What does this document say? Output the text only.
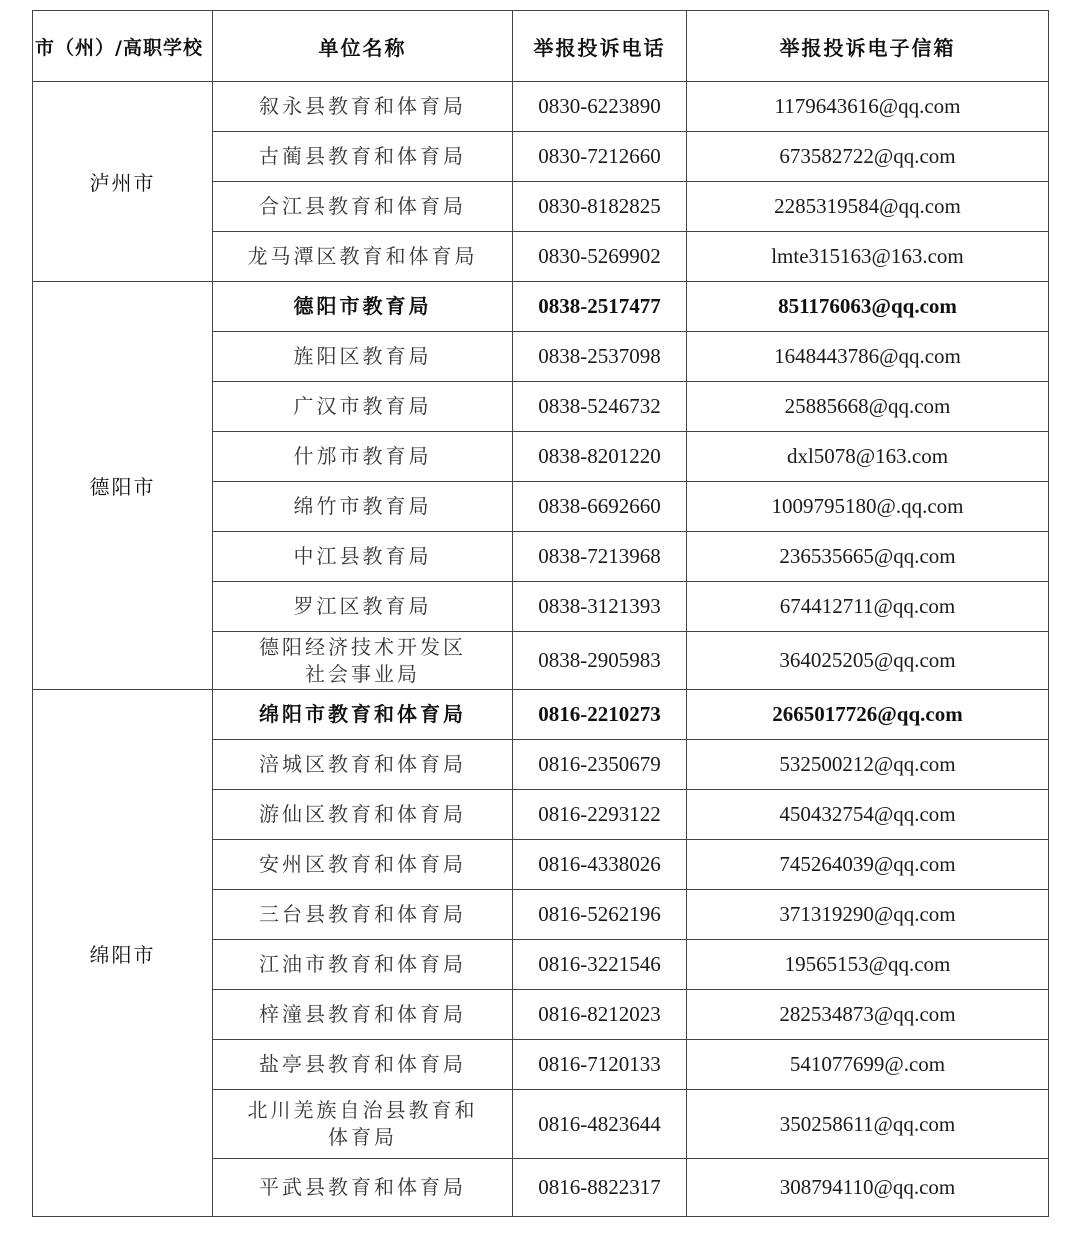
市（州）/高职学校	单位名称	举报投诉电话	举报投诉电子信箱
泸州市	叙永县教育和体育局	0830-6223890	1179643616@qq.com
	古蔺县教育和体育局	0830-7212660	673582722@qq.com
	合江县教育和体育局	0830-8182825	2285319584@qq.com
	龙马潭区教育和体育局	0830-5269902	lmte315163@163.com
德阳市	德阳市教育局	0838-2517477	851176063@qq.com
	旌阳区教育局	0838-2537098	1648443786@qq.com
	广汉市教育局	0838-5246732	25885668@qq.com
	什邡市教育局	0838-8201220	dxl5078@163.com
	绵竹市教育局	0838-6692660	1009795180@.qq.com
	中江县教育局	0838-7213968	236535665@qq.com
	罗江区教育局	0838-3121393	674412711@qq.com
	德阳经济技术开发区
社会事业局	0838-2905983	364025205@qq.com
绵阳市	绵阳市教育和体育局	0816-2210273	2665017726@qq.com
	涪城区教育和体育局	0816-2350679	532500212@qq.com
	游仙区教育和体育局	0816-2293122	450432754@qq.com
	安州区教育和体育局	0816-4338026	745264039@qq.com
	三台县教育和体育局	0816-5262196	371319290@qq.com
	江油市教育和体育局	0816-3221546	19565153@qq.com
	梓潼县教育和体育局	0816-8212023	282534873@qq.com
	盐亭县教育和体育局	0816-7120133	541077699@.com
	北川羌族自治县教育和
体育局	0816-4823644	350258611@qq.com
	平武县教育和体育局	0816-8822317	308794110@qq.com
